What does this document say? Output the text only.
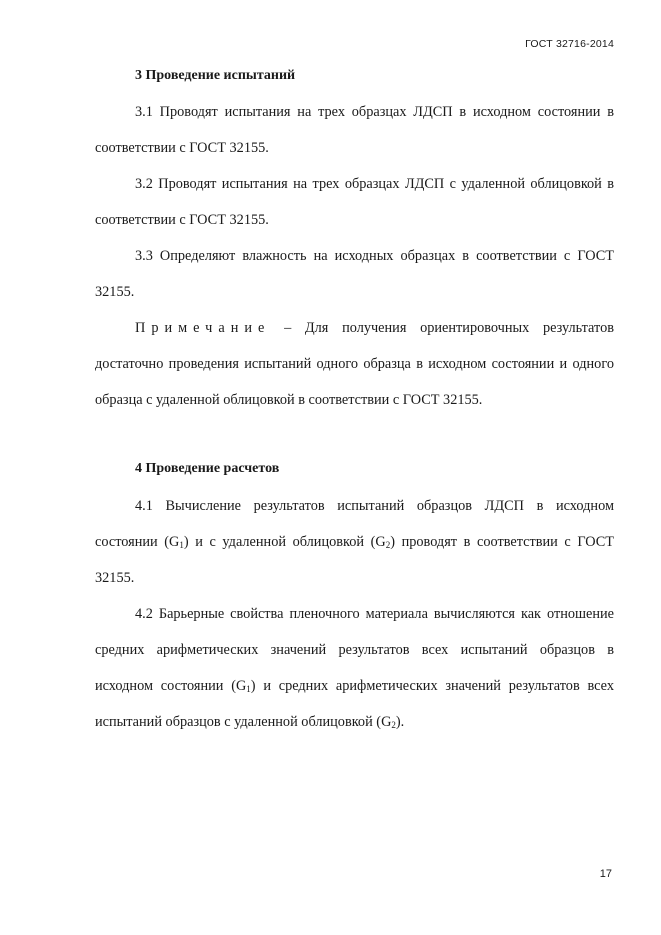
ГОСТ 32716-2014
3 Проведение испытаний

3.1 Проводят испытания на трех образцах ЛДСП в исходном состоянии в соответствии с ГОСТ 32155.

3.2 Проводят испытания на трех образцах ЛДСП с удаленной облицовкой в соответствии с ГОСТ 32155.

3.3 Определяют влажность на исходных образцах в соответствии с ГОСТ 32155.

Примечание – Для получения ориентировочных результатов достаточно проведения испытаний одного образца в исходном состоянии и одного образца с удаленной облицовкой в соответствии с ГОСТ 32155.

4 Проведение расчетов

4.1 Вычисление результатов испытаний образцов ЛДСП в исходном состоянии $(G_1)$ и с удаленной облицовкой $(G_2)$ проводят в соответствии с ГОСТ 32155.

4.2 Барьерные свойства пленочного материала вычисляются как отношение средних арифметических значений результатов всех испытаний образцов в исходном состоянии $(G_1)$ и средних арифметических значений результатов всех испытаний образцов с удаленной облицовкой $(G_2)$.

17
